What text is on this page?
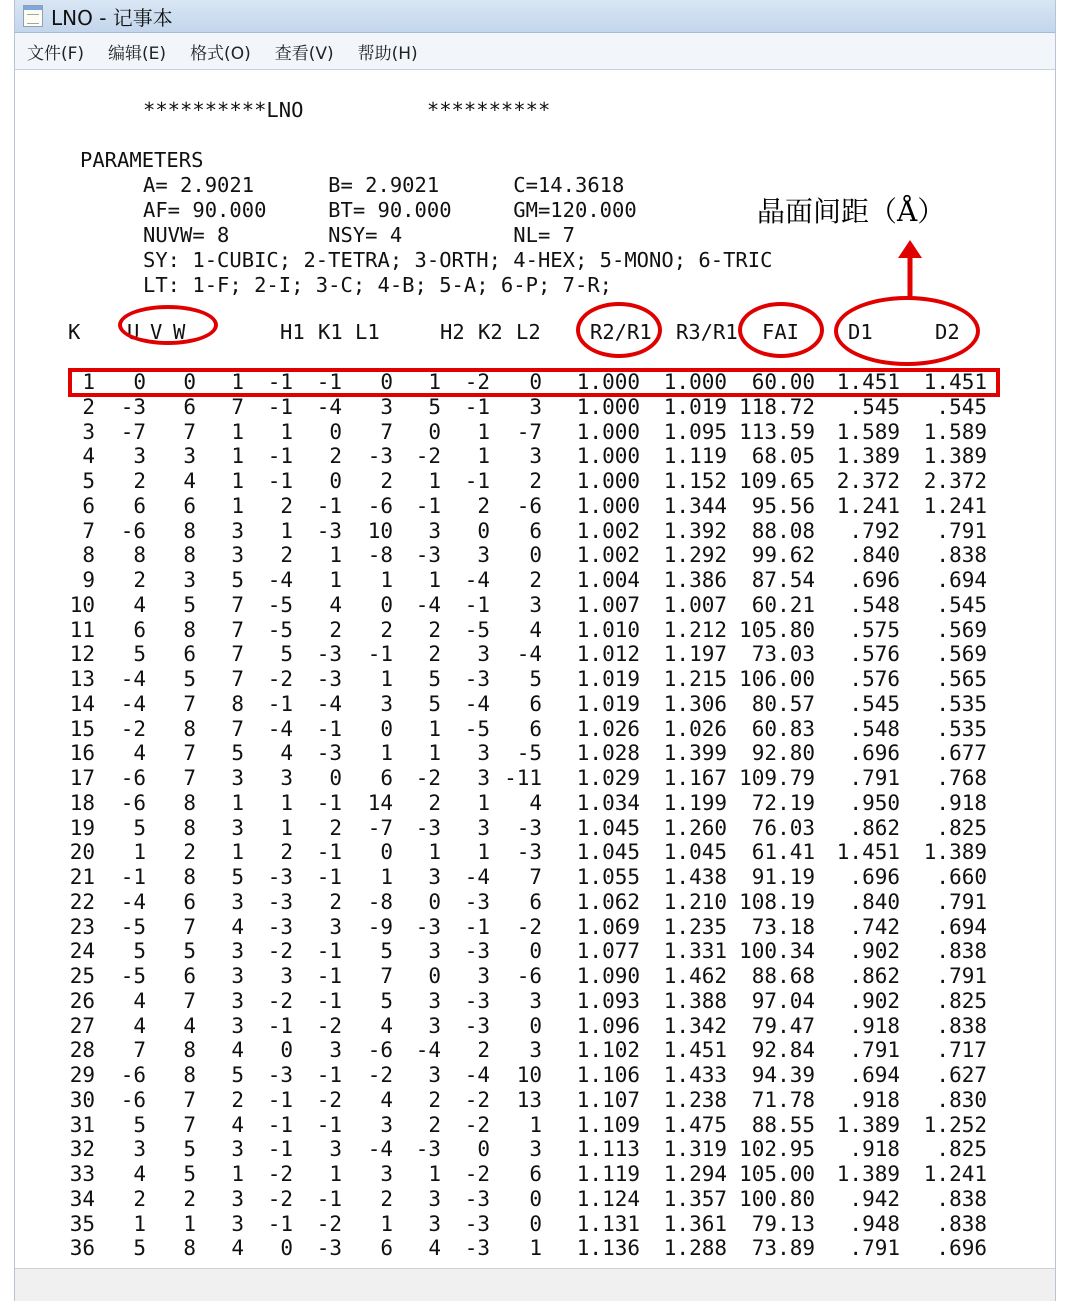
LNO - 记事本
文件(F) 编辑(E) 格式(O) 查看(V) 帮助(H)
**********LNO          **********
PARAMETERS
A= 2.9021      B= 2.9021      C=14.3618
AF= 90.000     BT= 90.000     GM=120.000
NUVW= 8        NSY= 4         NL= 7
SY: 1-CUBIC; 2-TETRA; 3-ORTH; 4-HEX; 5-MONO; 6-TRIC
LT: 1-F; 2-I; 3-C; 4-B; 5-A; 6-P; 7-R;
晶面间距（Å）
K U V W	H1 K1 L1	H2 K2 L2 R2/R1 R3/R1 FAI D1	D2
1	0	0	1	-1	-1	0	1	-2	0	1.000	1.000	60.00	1.451	1.451
2	-3	6	7	-1	-4	3	5	-1	3	1.000	1.019 118.72	.545	.545
3	-7	7	1	1	0	7	0	1	-7	1.000	1.095 113.59	1.589	1.589
4	3	3	1	-1	2	-3	-2	1	3	1.000	1.119	68.05	1.389	1.389
5	2	4	1	-1	0	2	1	-1	2	1.000	1.152 109.65	2.372	2.372
6	6	6	1	2	-1	-6	-1	2	-6	1.000	1.344	95.56	1.241	1.241
7	-6	8	3	1	-3	10	3	0	6	1.002	1.392	88.08	.792	.791
8	8	8	3	2	1	-8	-3	3	0	1.002	1.292	99.62	.840	.838
9	2	3	5	-4	1	1	1	-4	2	1.004	1.386	87.54	.696	.694
10	4	5	7	-5	4	0	-4	-1	3	1.007	1.007	60.21	.548	.545
11	6	8	7	-5	2	2	2	-5	4	1.010	1.212 105.80	.575	.569
12	5	6	7	5	-3	-1	2	3	-4	1.012	1.197	73.03	.576	.569
13	-4	5	7	-2	-3	1	5	-3	5	1.019	1.215 106.00	.576	.565
14	-4	7	8	-1	-4	3	5	-4	6	1.019	1.306	80.57	.545	.535
15	-2	8	7	-4	-1	0	1	-5	6	1.026	1.026	60.83	.548	.535
16	4	7	5	4	-3	1	1	3	-5	1.028	1.399	92.80	.696	.677
17	-6	7	3	3	0	6	-2	3 -11	1.029	1.167 109.79	.791	.768
18	-6	8	1	1	-1	14	2	1	4	1.034	1.199	72.19	.950	.918
19	5	8	3	1	2	-7	-3	3	-3	1.045	1.260	76.03	.862	.825
20	1	2	1	2	-1	0	1	1	-3	1.045	1.045	61.41	1.451	1.389
21	-1	8	5	-3	-1	1	3	-4	7	1.055	1.438	91.19	.696	.660
22	-4	6	3	-3	2	-8	0	-3	6	1.062	1.210 108.19	.840	.791
23	-5	7	4	-3	3	-9	-3	-1	-2	1.069	1.235	73.18	.742	.694
24	5	5	3	-2	-1	5	3	-3	0	1.077	1.331 100.34	.902	.838
25	-5	6	3	3	-1	7	0	3	-6	1.090	1.462	88.68	.862	.791
26	4	7	3	-2	-1	5	3	-3	3	1.093	1.388	97.04	.902	.825
27	4	4	3	-1	-2	4	3	-3	0	1.096	1.342	79.47	.918	.838
28	7	8	4	0	3	-6	-4	2	3	1.102	1.451	92.84	.791	.717
29	-6	8	5	-3	-1	-2	3	-4	10	1.106	1.433	94.39	.694	.627
30	-6	7	2	-1	-2	4	2	-2	13	1.107	1.238	71.78	.918	.830
31	5	7	4	-1	-1	3	2	-2	1	1.109	1.475	88.55	1.389	1.252
32	3	5	3	-1	3	-4	-3	0	3	1.113	1.319 102.95	.918	.825
33	4	5	1	-2	1	3	1	-2	6	1.119	1.294 105.00	1.389	1.241
34	2	2	3	-2	-1	2	3	-3	0	1.124	1.357 100.80	.942	.838
35	1	1	3	-1	-2	1	3	-3	0	1.131	1.361	79.13	.948	.838
36	5	8	4	0	-3	6	4	-3	1	1.136	1.288	73.89	.791	.696
